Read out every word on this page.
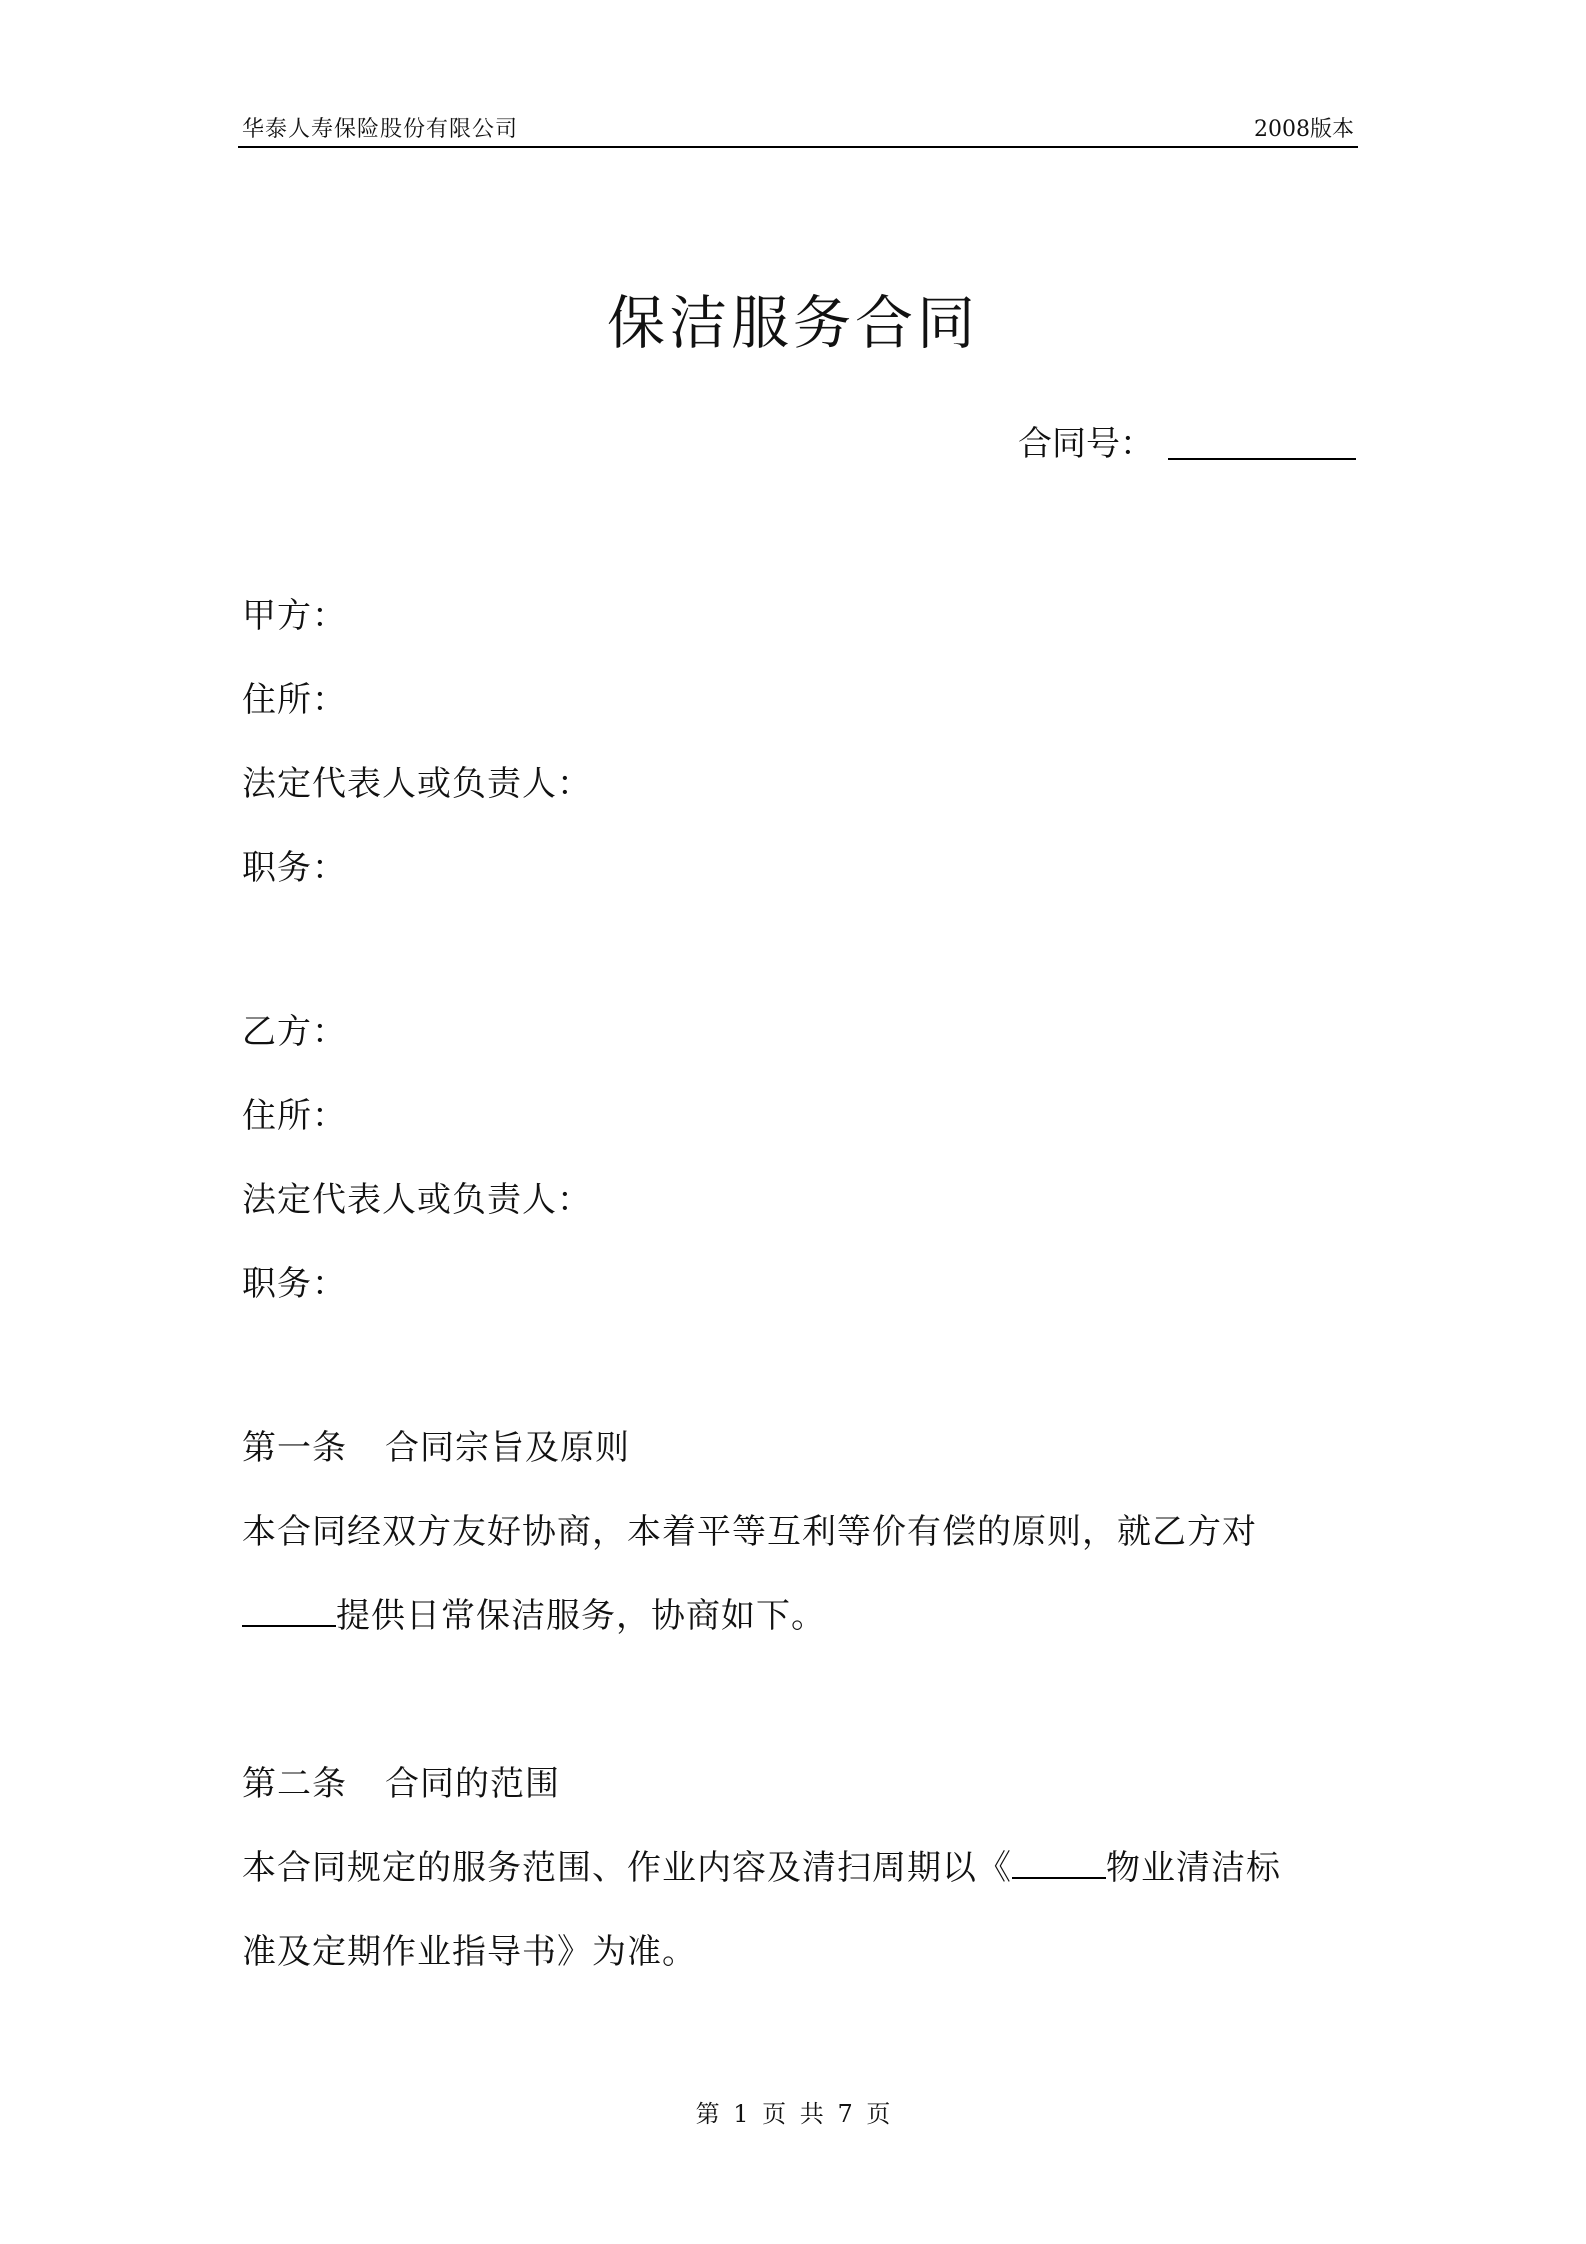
华泰人寿保险股份有限公司	2008版本
保洁服务合同
合同号：
甲方：
住所：
法定代表人或负责人：
职务：
乙方：
住所：
法定代表人或负责人：
职务：
第一条 合同宗旨及原则
本合同经双方友好协商，本着平等互利等价有偿的原则，就乙方对
提供日常保洁服务，协商如下。
第二条 合同的范围
本合同规定的服务范围、作业内容及清扫周期以《	物业清洁标
准及定期作业指导书》为准。
第 1 页 共 7 页
